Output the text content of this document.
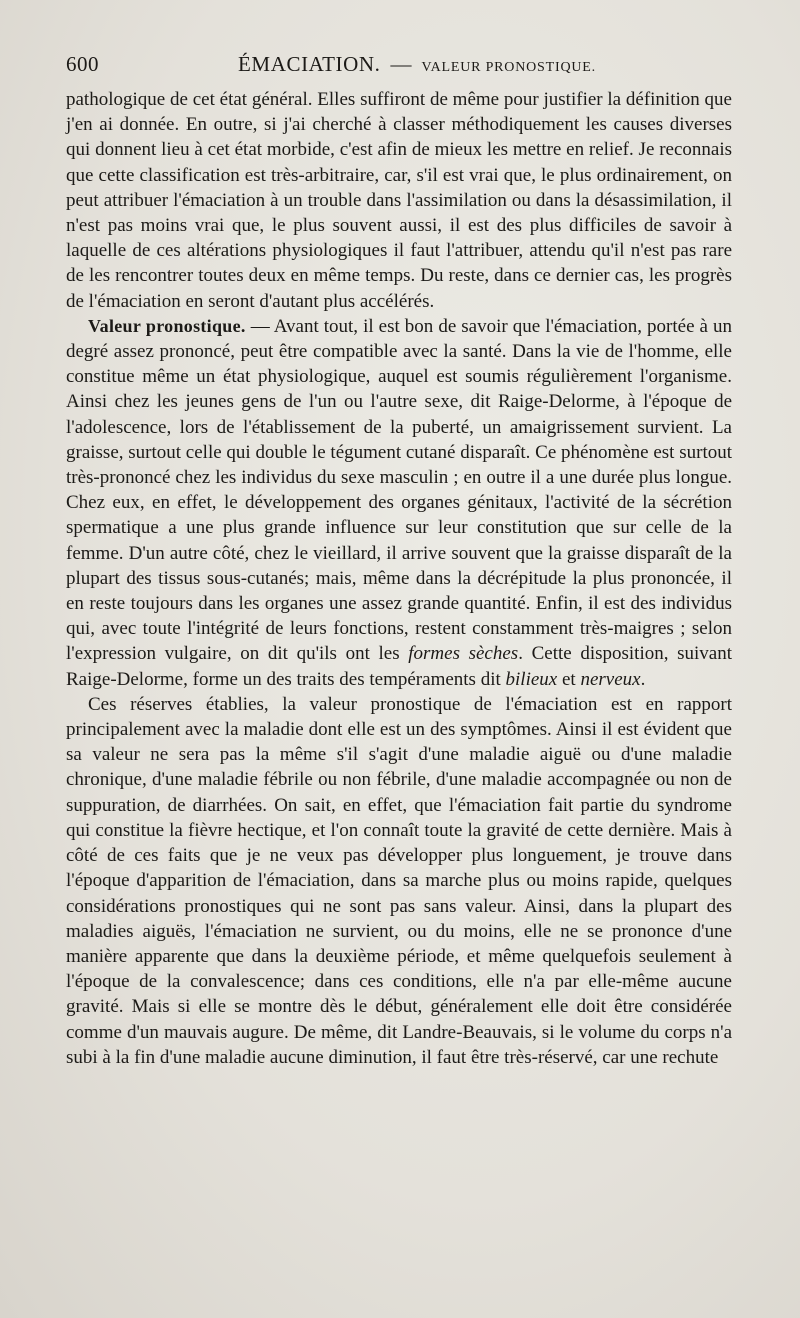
600	ÉMACIATION. — VALEUR PRONOSTIQUE.

pathologique de cet état général. Elles suffiront de même pour justifier la définition que j'en ai donnée. En outre, si j'ai cherché à classer méthodiquement les causes diverses qui donnent lieu à cet état morbide, c'est afin de mieux les mettre en relief. Je reconnais que cette classification est très-arbitraire, car, s'il est vrai que, le plus ordinairement, on peut attribuer l'émaciation à un trouble dans l'assimilation ou dans la désassimilation, il n'est pas moins vrai que, le plus souvent aussi, il est des plus difficiles de savoir à laquelle de ces altérations physiologiques il faut l'attribuer, attendu qu'il n'est pas rare de les rencontrer toutes deux en même temps. Du reste, dans ce dernier cas, les progrès de l'émaciation en seront d'autant plus accélérés.

Valeur pronostique. — Avant tout, il est bon de savoir que l'émaciation, portée à un degré assez prononcé, peut être compatible avec la santé. Dans la vie de l'homme, elle constitue même un état physiologique, auquel est soumis régulièrement l'organisme. Ainsi chez les jeunes gens de l'un ou l'autre sexe, dit Raige-Delorme, à l'époque de l'adolescence, lors de l'établissement de la puberté, un amaigrissement survient. La graisse, surtout celle qui double le tégument cutané disparaît. Ce phénomène est surtout très-prononcé chez les individus du sexe masculin ; en outre il a une durée plus longue. Chez eux, en effet, le développement des organes génitaux, l'activité de la sécrétion spermatique a une plus grande influence sur leur constitution que sur celle de la femme. D'un autre côté, chez le vieillard, il arrive souvent que la graisse disparaît de la plupart des tissus sous-cutanés; mais, même dans la décrépitude la plus prononcée, il en reste toujours dans les organes une assez grande quantité. Enfin, il est des individus qui, avec toute l'intégrité de leurs fonctions, restent constamment très-maigres ; selon l'expression vulgaire, on dit qu'ils ont les formes sèches. Cette disposition, suivant Raige-Delorme, forme un des traits des tempéraments dit bilieux et nerveux.

Ces réserves établies, la valeur pronostique de l'émaciation est en rapport principalement avec la maladie dont elle est un des symptômes. Ainsi il est évident que sa valeur ne sera pas la même s'il s'agit d'une maladie aiguë ou d'une maladie chronique, d'une maladie fébrile ou non fébrile, d'une maladie accompagnée ou non de suppuration, de diarrhées. On sait, en effet, que l'émaciation fait partie du syndrome qui constitue la fièvre hectique, et l'on connaît toute la gravité de cette dernière. Mais à côté de ces faits que je ne veux pas développer plus longuement, je trouve dans l'époque d'apparition de l'émaciation, dans sa marche plus ou moins rapide, quelques considérations pronostiques qui ne sont pas sans valeur. Ainsi, dans la plupart des maladies aiguës, l'émaciation ne survient, ou du moins, elle ne se prononce d'une manière apparente que dans la deuxième période, et même quelquefois seulement à l'époque de la convalescence; dans ces conditions, elle n'a par elle-même aucune gravité. Mais si elle se montre dès le début, généralement elle doit être considérée comme d'un mauvais augure. De même, dit Landre-Beauvais, si le volume du corps n'a subi à la fin d'une maladie aucune diminution, il faut être très-réservé, car une rechute
